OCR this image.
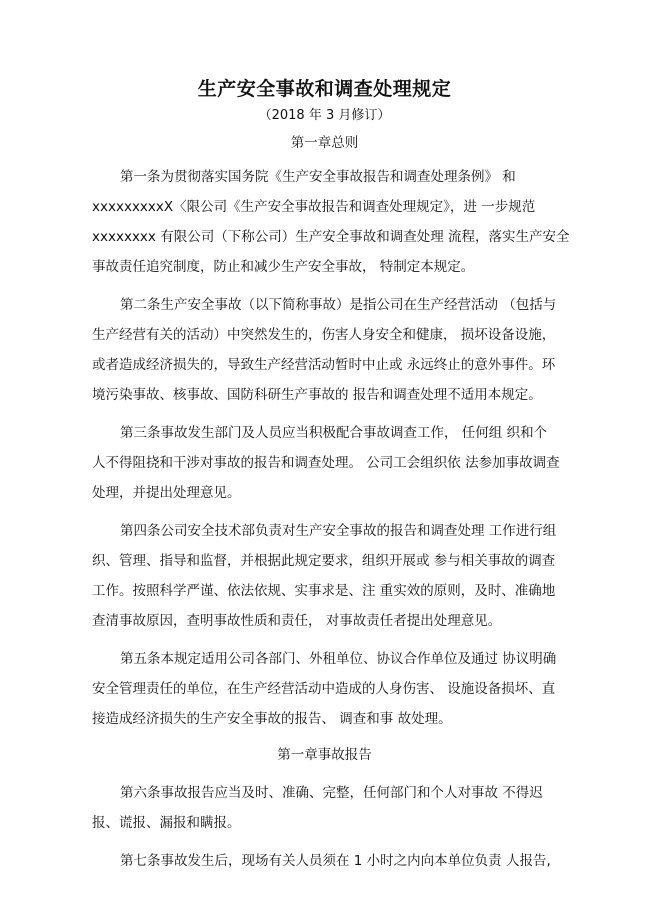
生产安全事故和调查处理规定
（2018 年 3 月修订）
第一章总则
第一条为贯彻落实国务院《生产安全事故报告和调查处理条例》 和
xxxxxxxxxX〈限公司《生产安全事故报告和调查处理规定》，进 一步规范
xxxxxxxx 有限公司（下称公司）生产安全事故和调查处理 流程，落实生产安全
事故责任追究制度，防止和减少生产安全事故， 特制定本规定。
第二条生产安全事故（以下简称事故）是指公司在生产经营活动 （包括与
生产经营有关的活动）中突然发生的，伤害人身安全和健康， 损坏设备设施，
或者造成经济损失的，导致生产经营活动暂时中止或 永远终止的意外事件。环
境污染事故、核事故、国防科研生产事故的 报告和调查处理不适用本规定。
第三条事故发生部门及人员应当积极配合事故调查工作， 任何组 织和个
人不得阻挠和干涉对事故的报告和调查处理。 公司工会组织依 法参加事故调查
处理，并提出处理意见。
第四条公司安全技术部负责对生产安全事故的报告和调查处理 工作进行组
织、管理、指导和监督，并根据此规定要求，组织开展或 参与相关事故的调查
工作。按照科学严谨、依法依规、实事求是、注 重实效的原则，及时、准确地
查清事故原因，查明事故性质和责任， 对事故责任者提出处理意见。
第五条本规定适用公司各部门、外租单位、协议合作单位及通过 协议明确
安全管理责任的单位，在生产经营活动中造成的人身伤害、 设施设备损坏、直
接造成经济损失的生产安全事故的报告、 调查和事 故处理。
第一章事故报告
第六条事故报告应当及时、准确、完整，任何部门和个人对事故 不得迟
报、谎报、漏报和瞒报。
第七条事故发生后，现场有关人员须在 1 小时之内向本单位负责 人报告,
